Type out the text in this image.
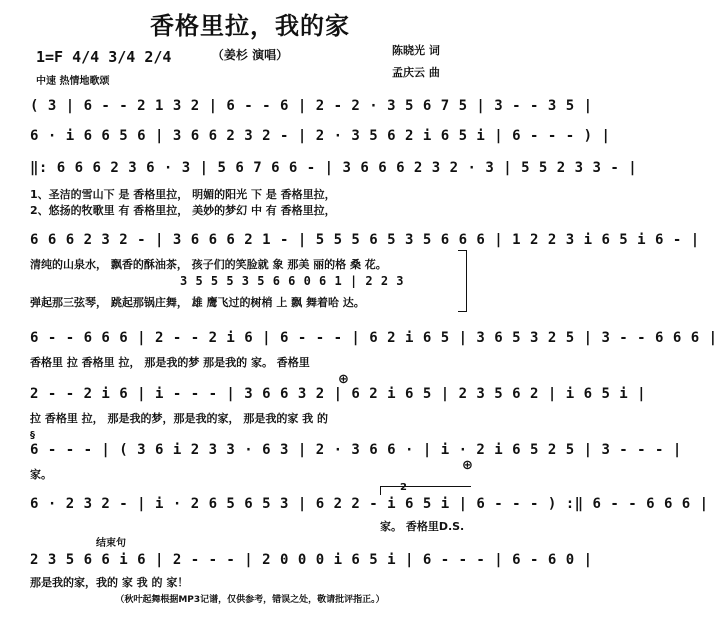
香格里拉，我的家
（姜杉 演唱）
1=F 4/4 3/4 2/4
中速 热情地歌颂
陈晓光 词
孟庆云 曲
( 3 | 6 - - 2 1 3 2 | 6 - - 6 | 2 - 2 · 3 5 6 7 5 | 3 - - 3 5 |
6 · i 6 6 5 6 | 3 6 6 2 3 2 - | 2 · 3 5 6 2 i 6 5 i | 6 - - - ) |
‖: 6 6 6 2 3 6 · 3 | 5 6 7 6 6 - | 3 6 6 6 2 3 2 · 3 | 5 5 2 3 3 - |
1、圣洁的雪山下 是 香格里拉， 明媚的阳光 下 是 香格里拉，
2、悠扬的牧歌里 有 香格里拉， 美妙的梦幻 中 有 香格里拉，
6 6 6 2 3 2 - | 3 6 6 6 2 1 - | 5 5 5 6 5 3 5 6 6 6 | 1 2 2 3 i 6 5 i 6 - |
清纯的山泉水， 飘香的酥油茶， 孩子们的笑脸就 象 那美 丽的格 桑 花。
3 5 5 5 3 5 6 6 0 6 1 | 2 2 3
弹起那三弦琴， 跳起那锅庄舞， 雄 鹰飞过的树梢 上 飘 舞着哈 达。
6 - - 6 6 6 | 2 - - 2 i 6 | 6 - - - | 6 2 i 6 5 | 3 6 5 3 2 5 | 3 - - 6 6 6 |
香格里 拉 香格里 拉， 那是我的梦 那是我的 家。 香格里
⊕
2 - - 2 i 6 | i - - - | 3 6 6 3 2 | 6 2 i 6 5 | 2 3 5 6 2 | i 6 5 i |
拉 香格里 拉， 那是我的梦，那是我的家， 那是我的家 我 的
§
6 - - - | ( 3 6 i 2 3 3 · 6 3 | 2 · 3 6 6 · | i · 2 i 6 5 2 5 | 3 - - - |
家。
⊕
2
6 · 2 3 2 - | i · 2 6 5 6 5 3 | 6 2 2 - i 6 5 i | 6 - - - ) :‖ 6 - - 6 6 6 |
家。 香格里D.S.
结束句
2 3 5 6 6 i 6 | 2 - - - | 2 0 0 0 i 6 5 i | 6 - - - | 6 - 6 0 |
那是我的家，我的 家 我 的 家！
（秋叶起舞根据MP3记谱，仅供参考，错误之处，敬请批评指正。）
